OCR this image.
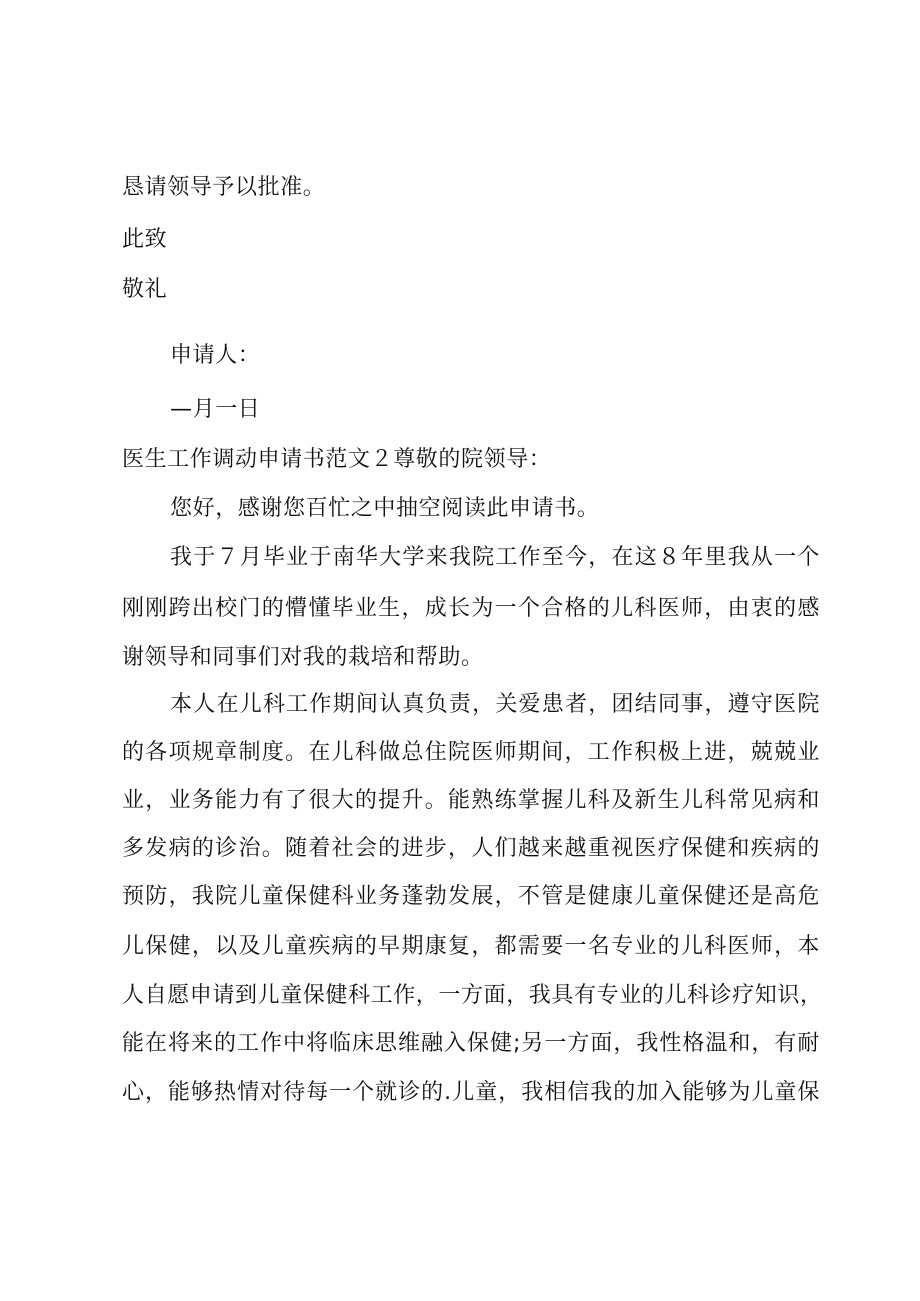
恳请领导予以批准。

此致

敬礼

申请人：

—月一日

医生工作调动申请书范文２尊敬的院领导：

您好，感谢您百忙之中抽空阅读此申请书。

我于７月毕业于南华大学来我院工作至今，在这８年里我从一个

刚刚跨出校门的懵懂毕业生，成长为一个合格的儿科医师，由衷的感

谢领导和同事们对我的栽培和帮助。

本人在儿科工作期间认真负责，关爱患者，团结同事，遵守医院

的各项规章制度。在儿科做总住院医师期间，工作积极上进，兢兢业

业，业务能力有了很大的提升。能熟练掌握儿科及新生儿科常见病和

多发病的诊治。随着社会的进步，人们越来越重视医疗保健和疾病的

预防，我院儿童保健科业务蓬勃发展，不管是健康儿童保健还是高危

儿保健，以及儿童疾病的早期康复，都需要一名专业的儿科医师，本

人自愿申请到儿童保健科工作，一方面，我具有专业的儿科诊疗知识，

能在将来的工作中将临床思维融入保健;另一方面，我性格温和，有耐

心，能够热情对待每一个就诊的.儿童，我相信我的加入能够为儿童保
